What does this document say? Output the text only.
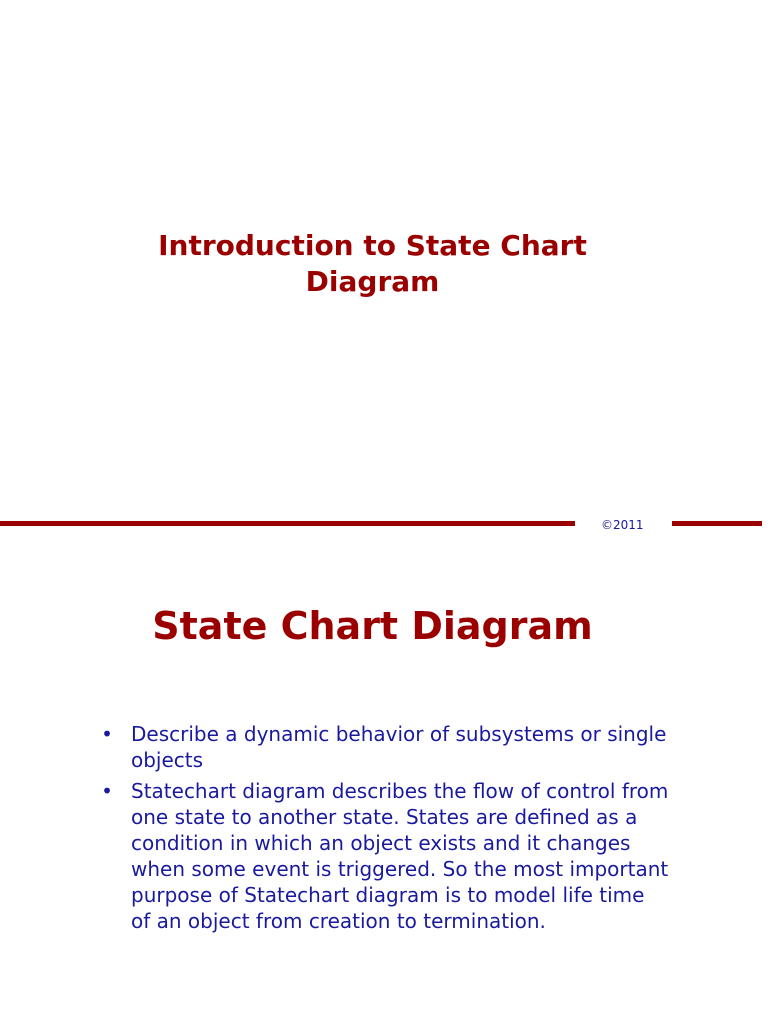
Introduction to State Chart
Diagram
©2011
State Chart Diagram
• Describe a dynamic behavior of subsystems or single objects
• Statechart diagram describes the flow of control from one state to another state. States are defined as a condition in which an object exists and it changes when some event is triggered. So the most important purpose of Statechart diagram is to model life time of an object from creation to termination.
